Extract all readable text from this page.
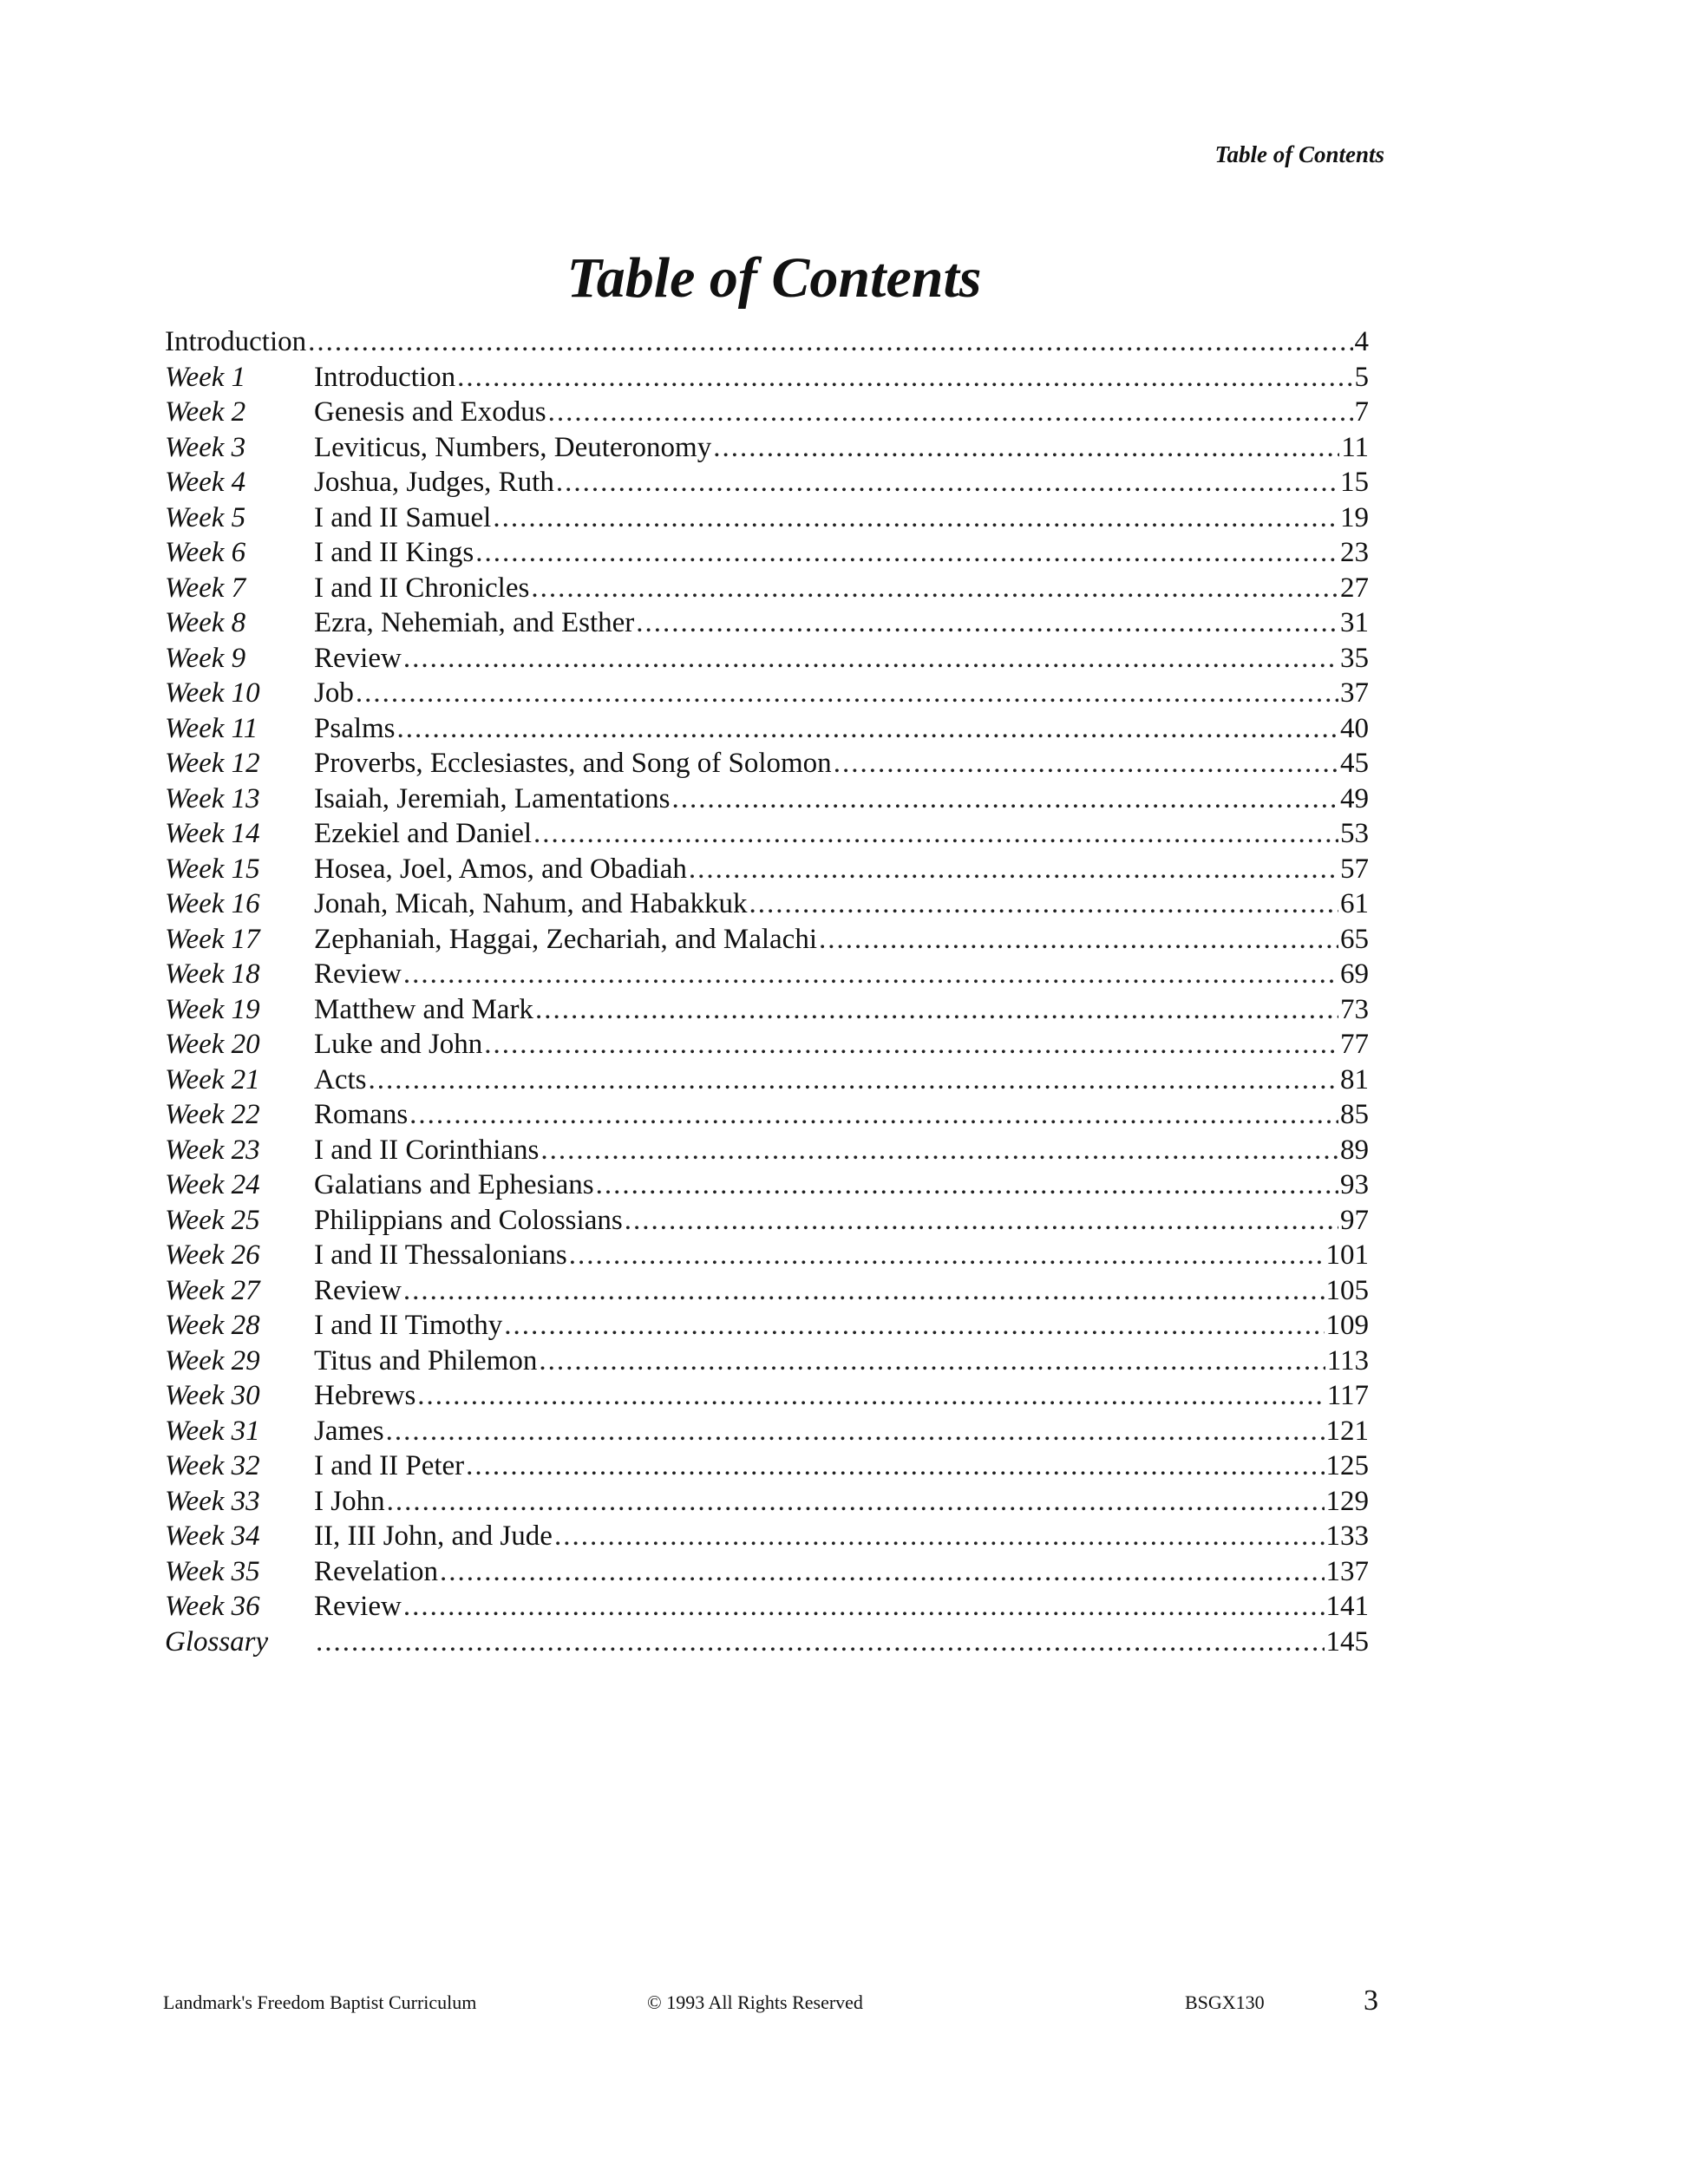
Table of Contents
Table of Contents
Introduction .....	4
Week 1	Introduction .....	5
Week 2	Genesis and Exodus .....	7
Week 3	Leviticus, Numbers, Deuteronomy .....	11
Week 4	Joshua, Judges, Ruth .....	15
Week 5	I and II Samuel .....	19
Week 6	I and II Kings .....	23
Week 7	I and II Chronicles .....	27
Week 8	Ezra, Nehemiah, and Esther .....	31
Week 9	Review .....	35
Week 10	Job .....	37
Week 11	Psalms .....	40
Week 12	Proverbs, Ecclesiastes, and Song of Solomon .....	45
Week 13	Isaiah, Jeremiah, Lamentations .....	49
Week 14	Ezekiel and Daniel .....	53
Week 15	Hosea, Joel, Amos, and Obadiah .....	57
Week 16	Jonah, Micah, Nahum, and Habakkuk .....	61
Week 17	Zephaniah, Haggai, Zechariah, and Malachi .....	65
Week 18	Review .....	69
Week 19	Matthew and Mark .....	73
Week 20	Luke and John .....	77
Week 21	Acts .....	81
Week 22	Romans .....	85
Week 23	I and II Corinthians .....	89
Week 24	Galatians and Ephesians .....	93
Week 25	Philippians and Colossians .....	97
Week 26	I and II Thessalonians .....	101
Week 27	Review .....	105
Week 28	I and II Timothy .....	109
Week 29	Titus and Philemon .....	113
Week 30	Hebrews .....	117
Week 31	James .....	121
Week 32	I and II Peter .....	125
Week 33	I John .....	129
Week 34	II, III John, and Jude .....	133
Week 35	Revelation .....	137
Week 36	Review .....	141
Glossary .....	145
Landmark's Freedom Baptist Curriculum	© 1993 All Rights Reserved	BSGX130	3
